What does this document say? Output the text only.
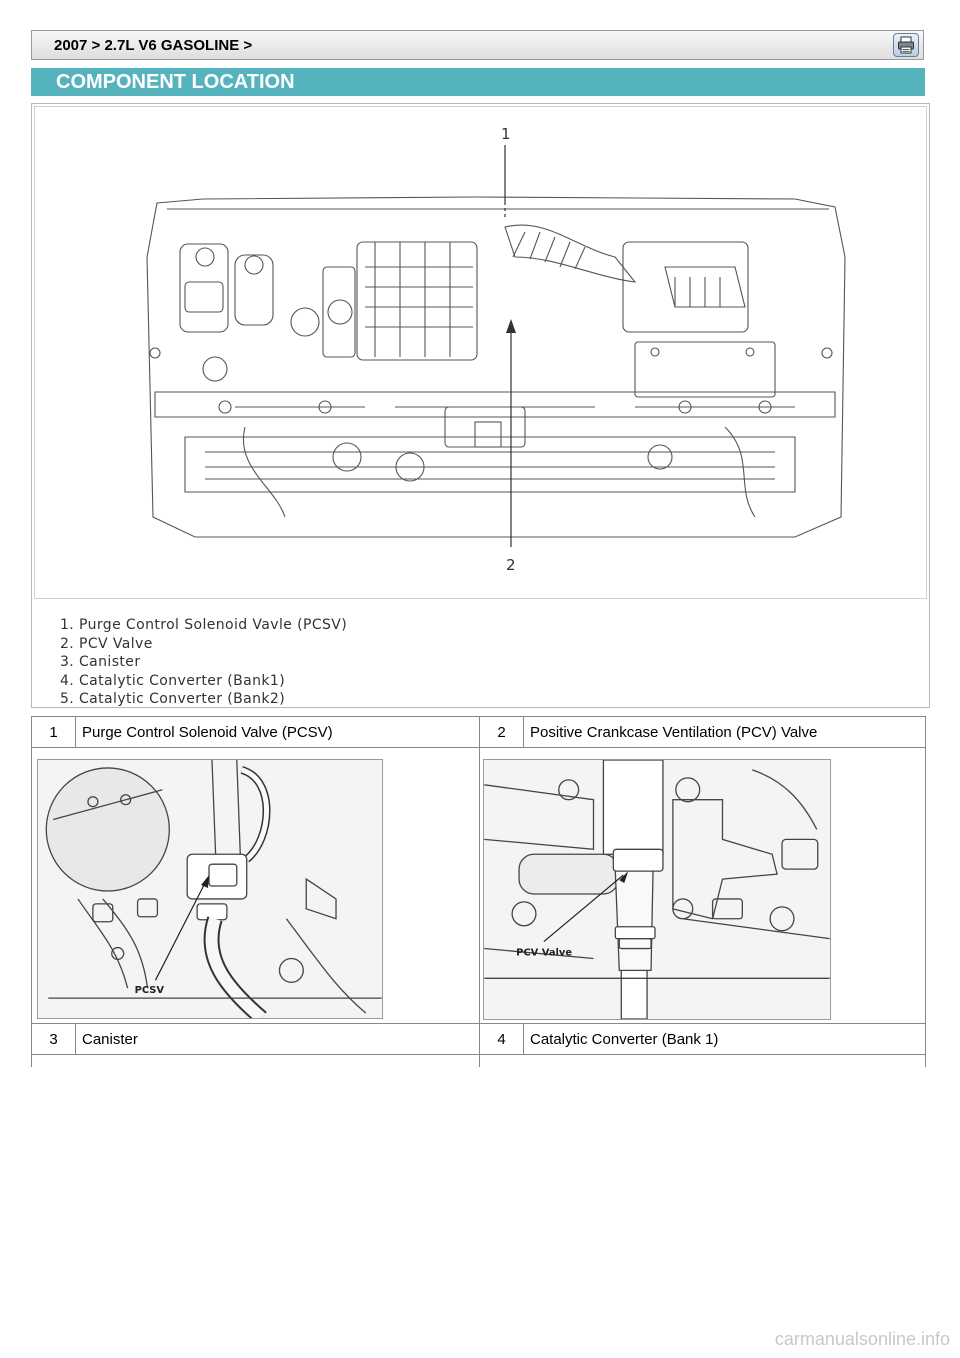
2007 > 2.7L V6 GASOLINE >
COMPONENT LOCATION
1
2
1. Purge Control Solenoid Vavle (PCSV)
2. PCV Valve
3. Canister
4. Catalytic Converter (Bank1)
5. Catalytic Converter (Bank2)
1	Purge Control Solenoid Valve (PCSV)	2	Positive Crankcase Ventilation (PCV) Valve

PCSV		PCV Valve	

3	Canister	4	Catalytic Converter (Bank 1)

carmanualsonline.info
